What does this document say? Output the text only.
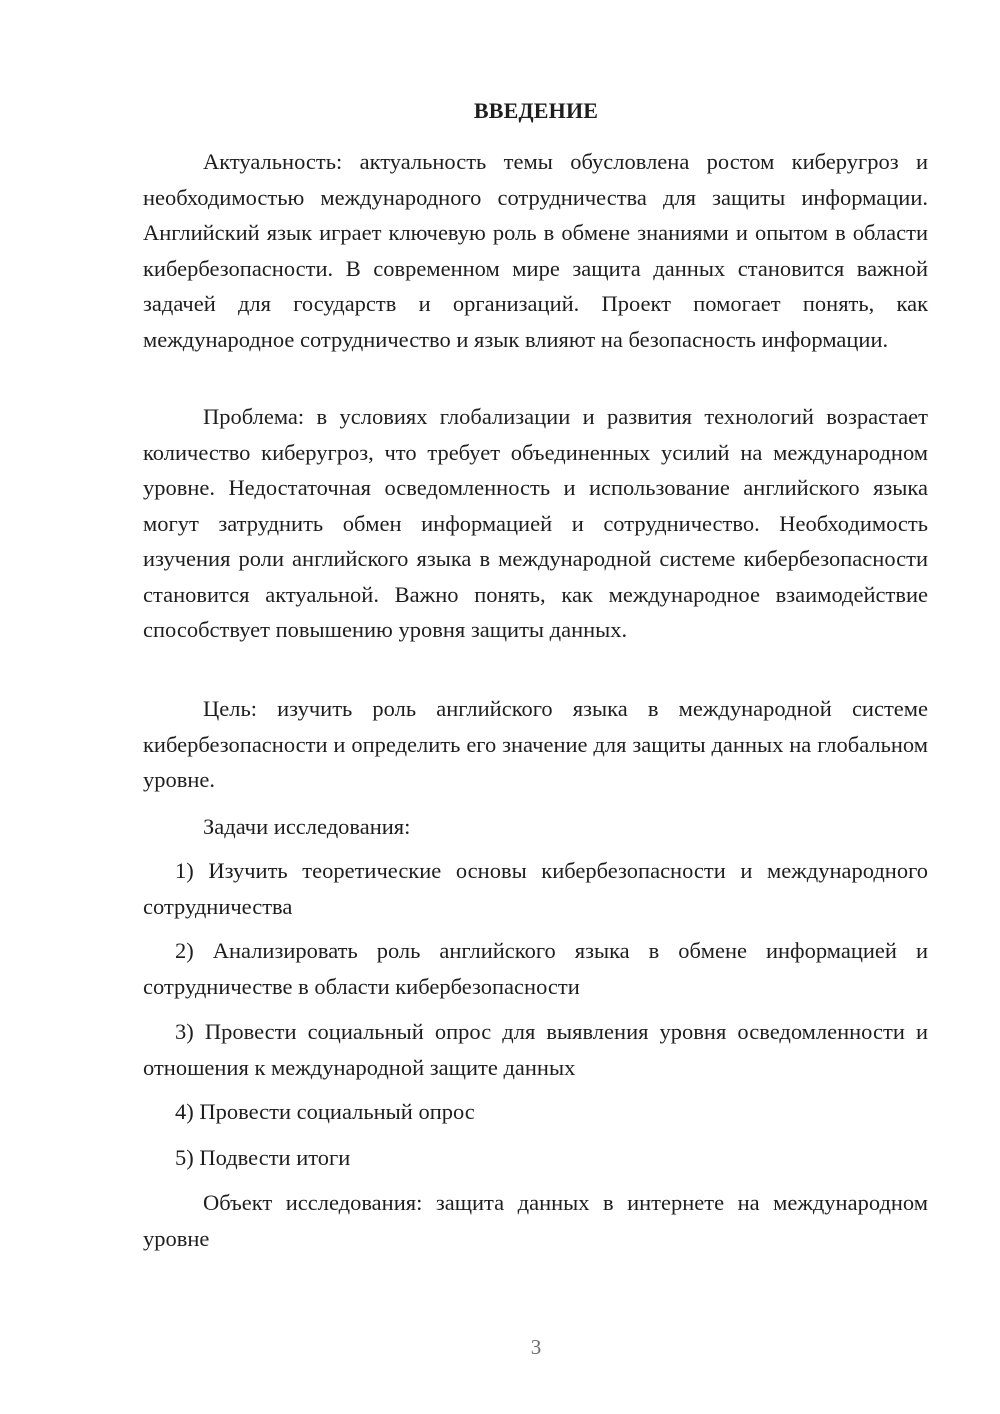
ВВЕДЕНИЕ

Актуальность: актуальность темы обусловлена ростом киберугроз и необходимостью международного сотрудничества для защиты информации. Английский язык играет ключевую роль в обмене знаниями и опытом в области кибербезопасности. В современном мире защита данных становится важной задачей для государств и организаций. Проект помогает понять, как международное сотрудничество и язык влияют на безопасность информации.

Проблема: в условиях глобализации и развития технологий возрастает количество киберугроз, что требует объединенных усилий на международном уровне. Недостаточная осведомленность и использование английского языка могут затруднить обмен информацией и сотрудничество. Необходимость изучения роли английского языка в международной системе кибербезопасности становится актуальной. Важно понять, как международное взаимодействие способствует повышению уровня защиты данных.

Цель: изучить роль английского языка в международной системе кибербезопасности и определить его значение для защиты данных на глобальном уровне.

Задачи исследования:

1) Изучить теоретические основы кибербезопасности и международного сотрудничества

2) Анализировать роль английского языка в обмене информацией и сотрудничестве в области кибербезопасности

3) Провести социальный опрос для выявления уровня осведомленности и отношения к международной защите данных

4) Провести социальный опрос

5) Подвести итоги

Объект исследования: защита данных в интернете на международном уровне

3
